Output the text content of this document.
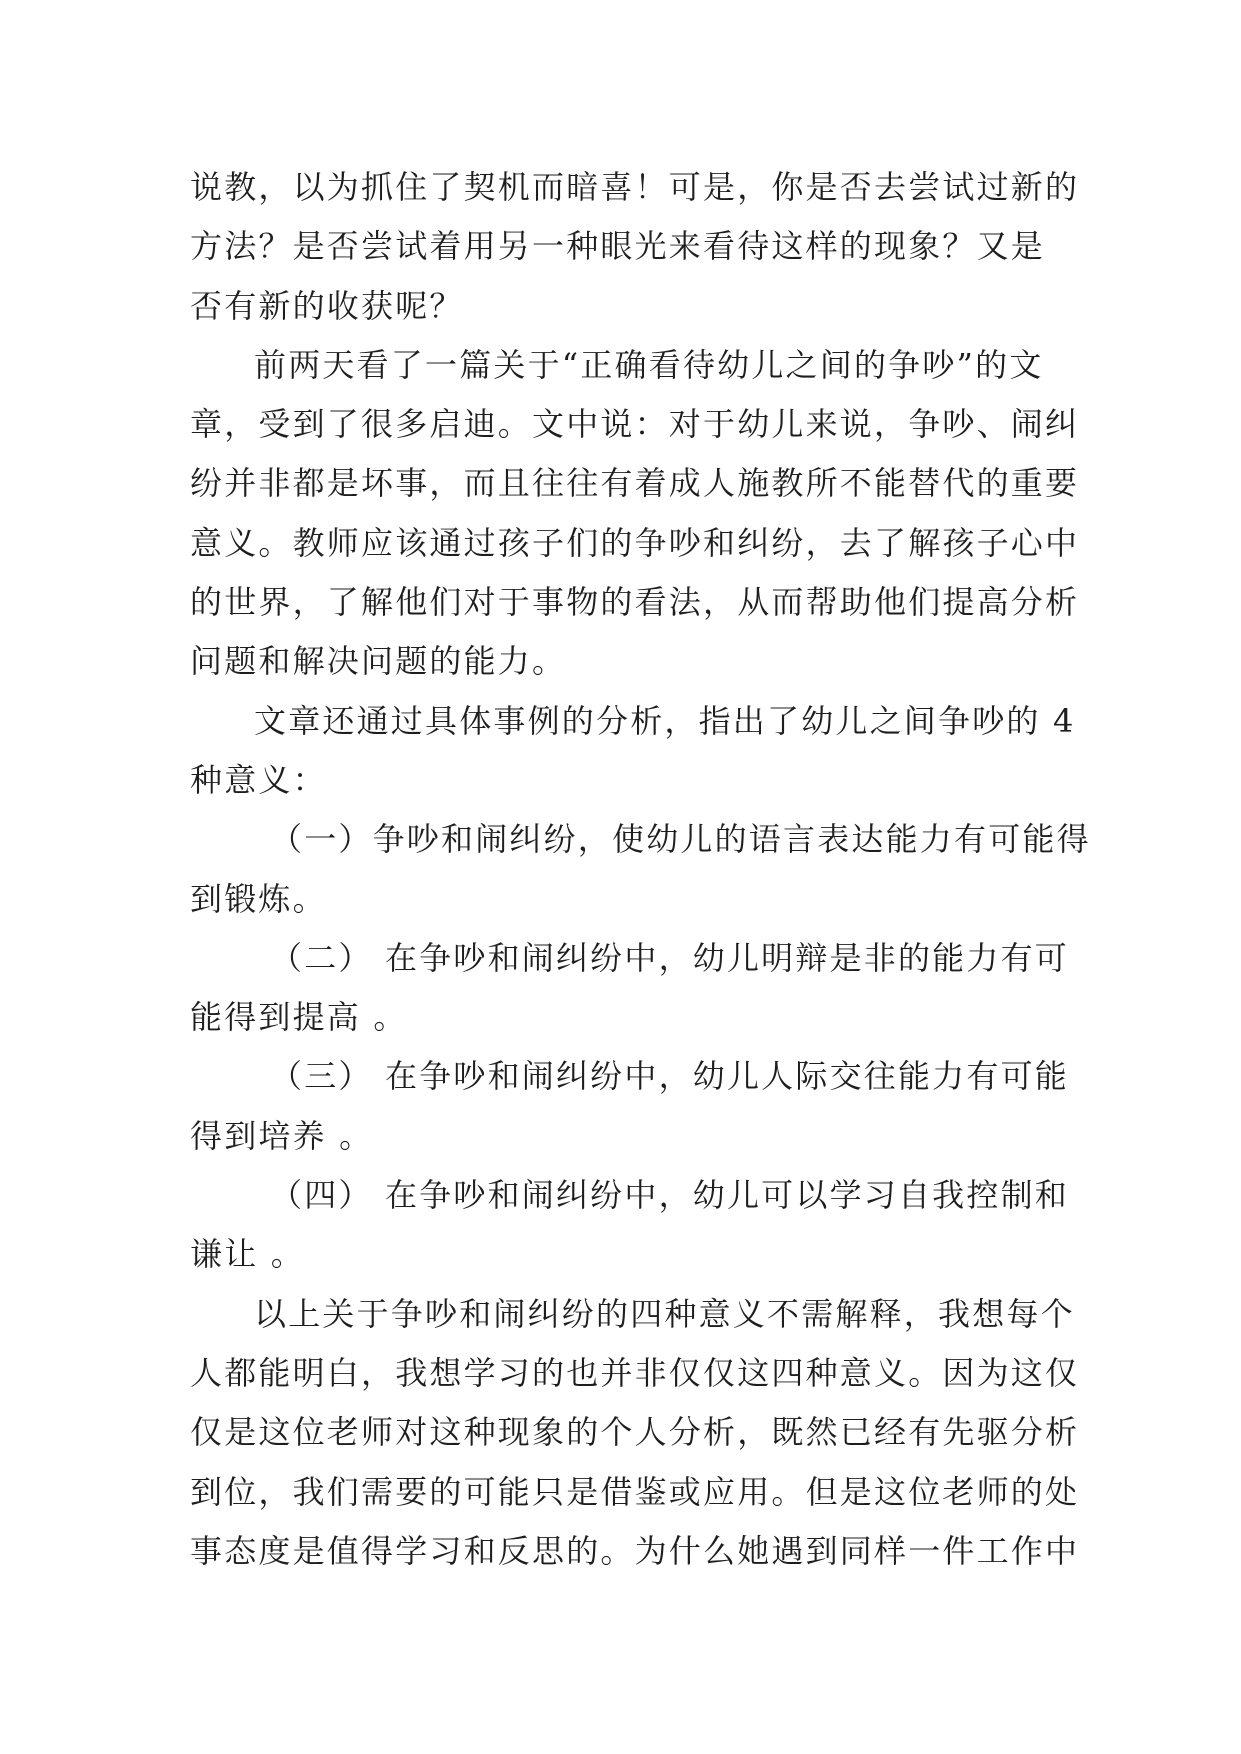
说教，以为抓住了契机而暗喜！可是，你是否去尝试过新的
方法？是否尝试着用另一种眼光来看待这样的现象？又是
否有新的收获呢？
前两天看了一篇关于“正确看待幼儿之间的争吵”的文
章，受到了很多启迪。文中说：对于幼儿来说，争吵、闹纠
纷并非都是坏事，而且往往有着成人施教所不能替代的重要
意义。教师应该通过孩子们的争吵和纠纷，去了解孩子心中
的世界，了解他们对于事物的看法，从而帮助他们提高分析
问题和解决问题的能力。
文章还通过具体事例的分析，指出了幼儿之间争吵的 4
种意义：
（一）争吵和闹纠纷，使幼儿的语言表达能力有可能得
到锻炼。
（二） 在争吵和闹纠纷中，幼儿明辩是非的能力有可
能得到提高 。
（三） 在争吵和闹纠纷中，幼儿人际交往能力有可能
得到培养 。
（四） 在争吵和闹纠纷中，幼儿可以学习自我控制和
谦让 。
以上关于争吵和闹纠纷的四种意义不需解释，我想每个
人都能明白，我想学习的也并非仅仅这四种意义。因为这仅
仅是这位老师对这种现象的个人分析，既然已经有先驱分析
到位，我们需要的可能只是借鉴或应用。但是这位老师的处
事态度是值得学习和反思的。为什么她遇到同样一件工作中
